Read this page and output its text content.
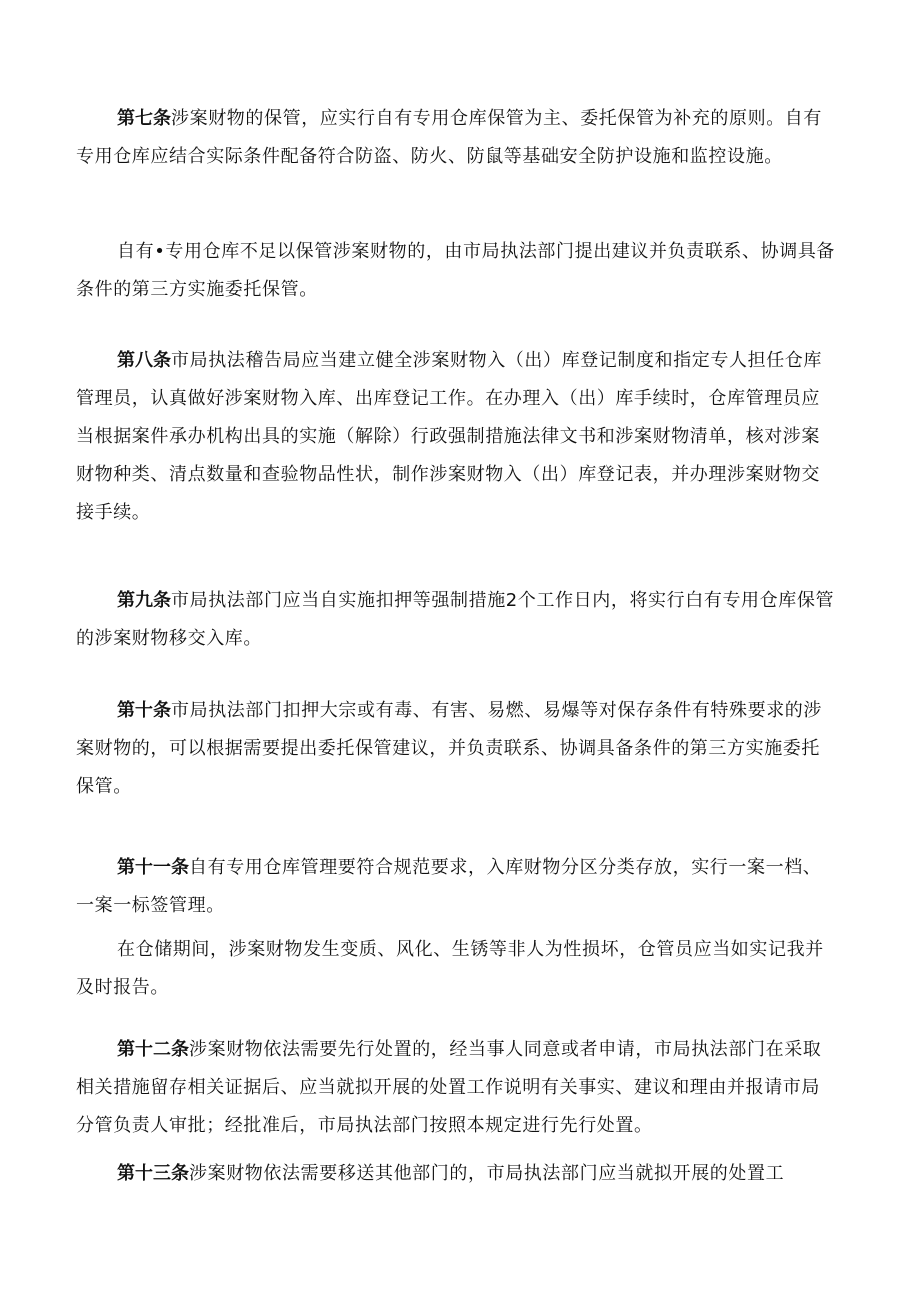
第七条涉案财物的保管，应实行自有专用仓库保管为主、委托保管为补充的原则。自有专用仓库应结合实际条件配备符合防盗、防火、防鼠等基础安全防护设施和监控设施。

自有•专用仓库不足以保管涉案财物的，由市局执法部门提出建议并负责联系、协调具备条件的第三方实施委托保管。

第八条市局执法稽告局应当建立健全涉案财物入（出）库登记制度和指定专人担任仓库管理员，认真做好涉案财物入库、出库登记工作。在办理入（出）库手续时，仓库管理员应当根据案件承办机构出具的实施（解除）行政强制措施法律文书和涉案财物清单，核对涉案财物种类、清点数量和查验物品性状，制作涉案财物入（出）库登记表，并办理涉案财物交接手续。

第九条市局执法部门应当自实施扣押等强制措施2个工作日内，将实行白有专用仓库保管的涉案财物移交入库。

第十条市局执法部门扣押大宗或有毒、有害、易燃、易爆等对保存条件有特殊要求的涉案财物的，可以根据需要提出委托保管建议，并负责联系、协调具备条件的第三方实施委托保管。

第十一条自有专用仓库管理要符合规范要求，入库财物分区分类存放，实行一案一档、一案一标签管理。

在仓储期间，涉案财物发生变质、风化、生锈等非人为性损坏，仓管员应当如实记我并及时报告。

第十二条涉案财物依法需要先行处置的，经当事人同意或者申请，市局执法部门在采取相关措施留存相关证据后、应当就拟开展的处置工作说明有关事实、建议和理由并报请市局分管负责人审批；经批准后，市局执法部门按照本规定进行先行处置。

第十三条涉案财物依法需要移送其他部门的，市局执法部门应当就拟开展的处置工
